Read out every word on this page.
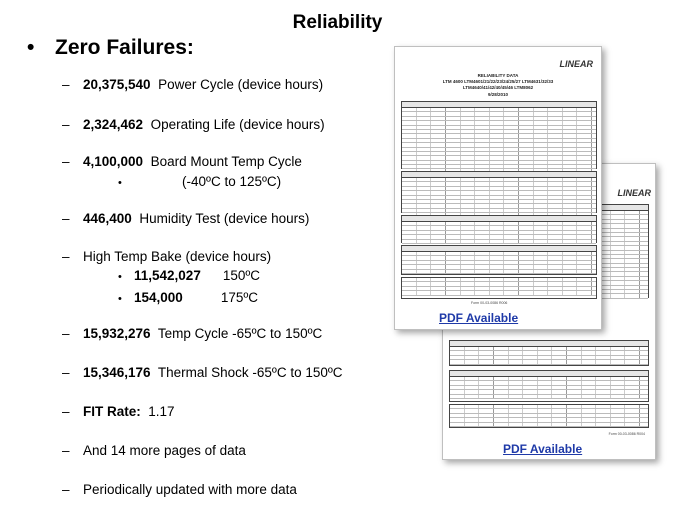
Reliability
• Zero Failures:
– 20,375,540 Power Cycle (device hours)
– 2,324,462 Operating Life (device hours)
– 4,100,000 Board Mount Temp Cycle
•	(-40ºC to 125ºC)
– 446,400 Humidity Test (device hours)
– High Temp Bake (device hours)
• 11,542,027 150ºC
• 154,000	175ºC
– 15,932,276 Temp Cycle -65ºC to 150ºC
– 15,346,176 Thermal Shock -65ºC to 150ºC
– FIT Rate: 1.17
– And 14 more pages of data
– Periodically updated with more data
LINEAR
Form 00-03-0086 R004
PDF Available
LINEAR
RELIABILITY DATA
LTM 4600 LTM4601/21/22/23/24/25/27 LTM4631/32/33
LTM4640/41/42/40/45/46 LTM8062
9/28/2010
Form 00-03-0086 R006
PDF Available
